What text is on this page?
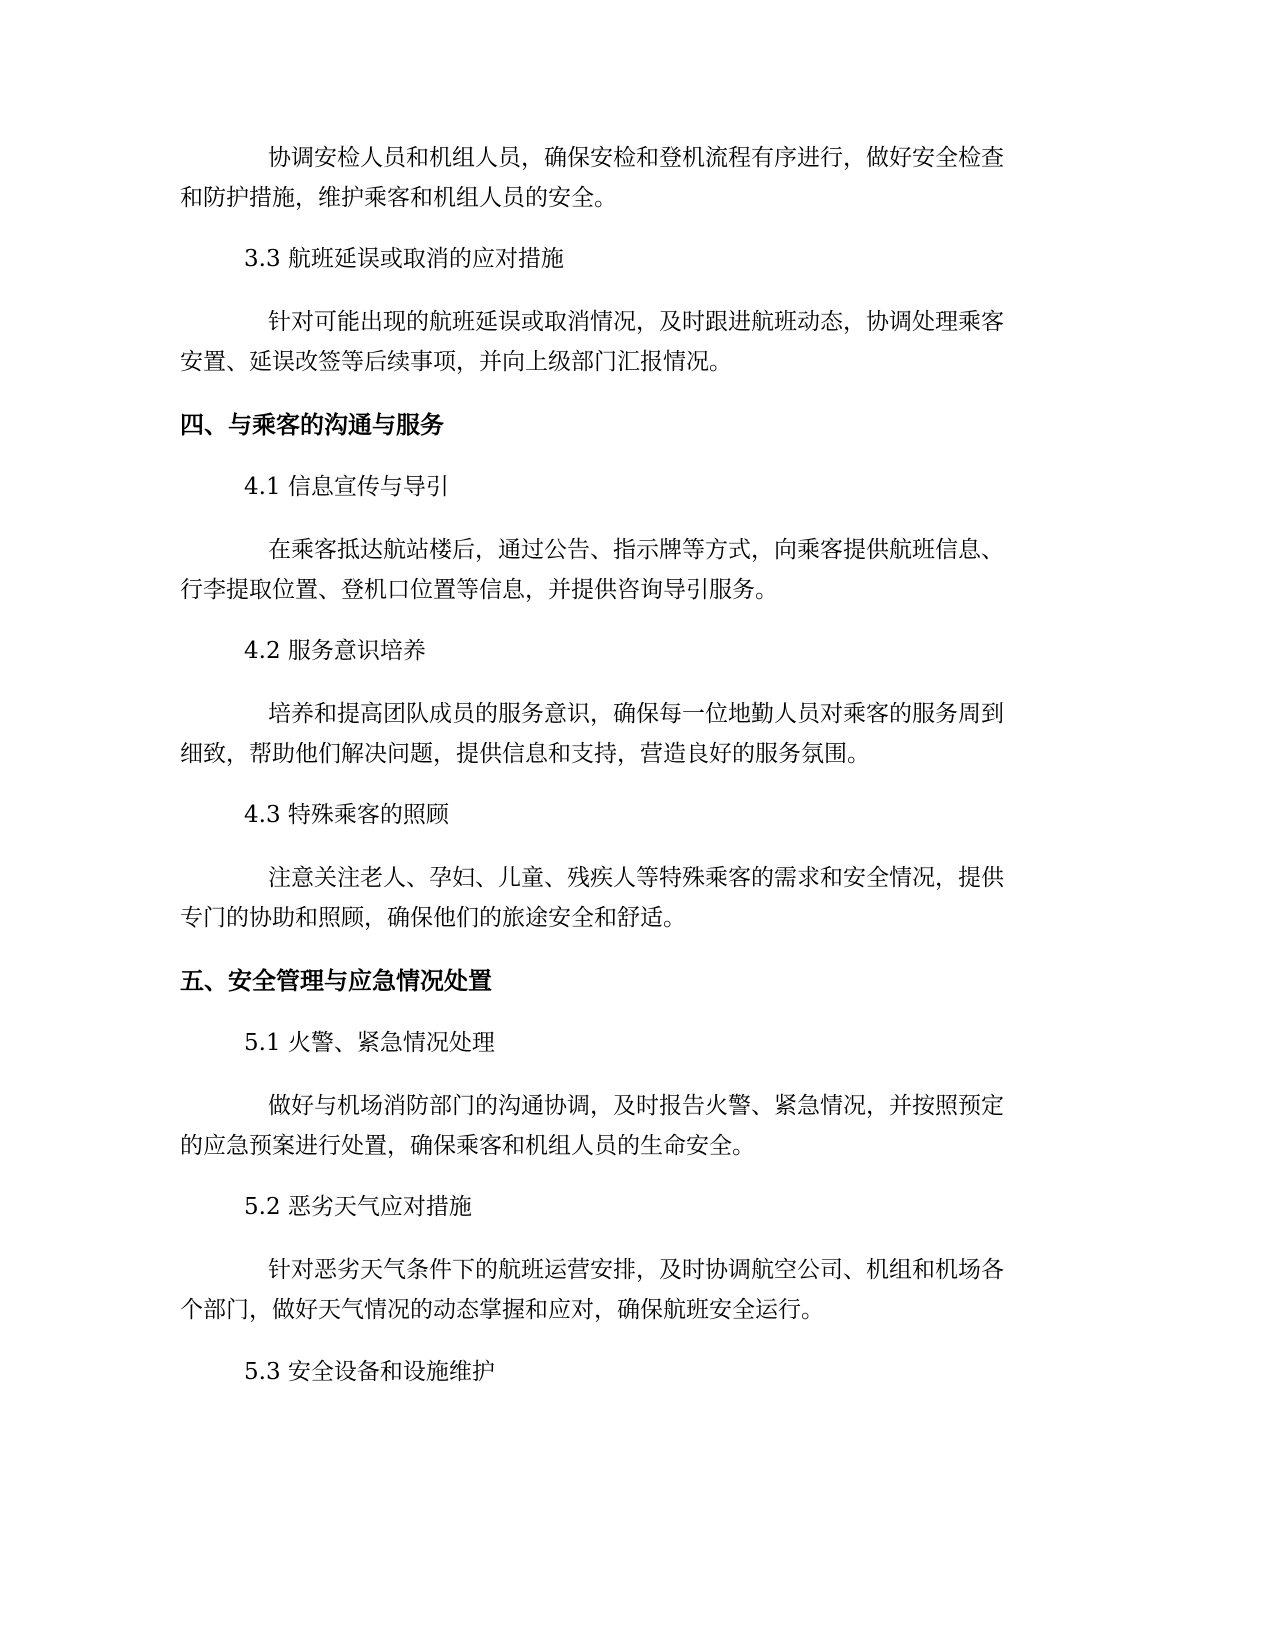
协调安检人员和机组人员，确保安检和登机流程有序进行，做好安全检查
和防护措施，维护乘客和机组人员的安全。
3.3 航班延误或取消的应对措施
针对可能出现的航班延误或取消情况，及时跟进航班动态，协调处理乘客
安置、延误改签等后续事项，并向上级部门汇报情况。
四、与乘客的沟通与服务
4.1 信息宣传与导引
在乘客抵达航站楼后，通过公告、指示牌等方式，向乘客提供航班信息、
行李提取位置、登机口位置等信息，并提供咨询导引服务。
4.2 服务意识培养
培养和提高团队成员的服务意识，确保每一位地勤人员对乘客的服务周到
细致，帮助他们解决问题，提供信息和支持，营造良好的服务氛围。
4.3 特殊乘客的照顾
注意关注老人、孕妇、儿童、残疾人等特殊乘客的需求和安全情况，提供
专门的协助和照顾，确保他们的旅途安全和舒适。
五、安全管理与应急情况处置
5.1 火警、紧急情况处理
做好与机场消防部门的沟通协调，及时报告火警、紧急情况，并按照预定
的应急预案进行处置，确保乘客和机组人员的生命安全。
5.2 恶劣天气应对措施
针对恶劣天气条件下的航班运营安排，及时协调航空公司、机组和机场各
个部门，做好天气情况的动态掌握和应对，确保航班安全运行。
5.3 安全设备和设施维护
